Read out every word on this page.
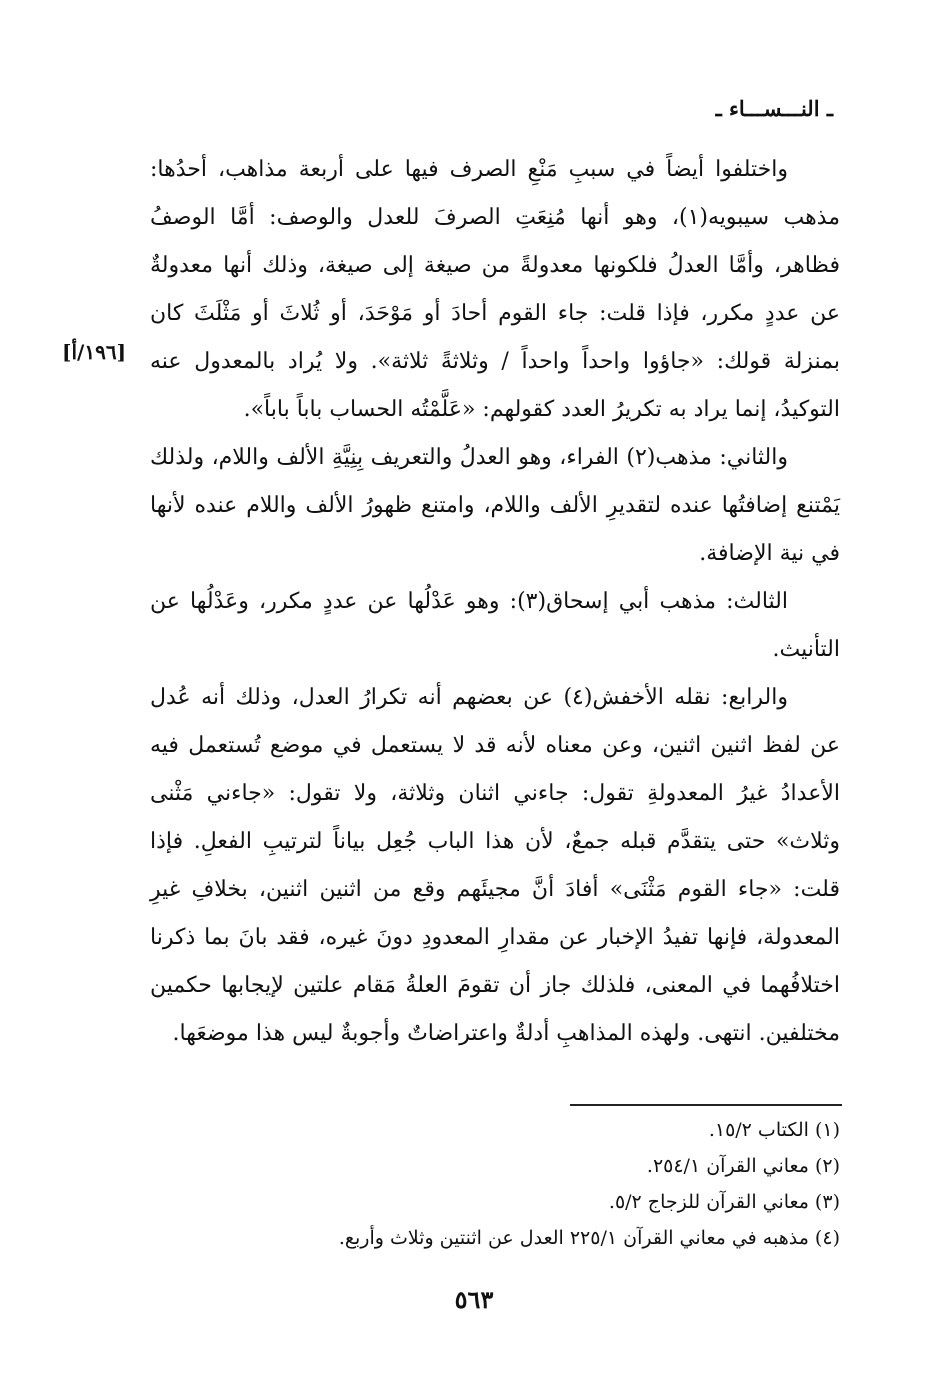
ـ النـــســـاء ـ
[١٩٦/أ]

واختلفوا أيضاً في سببِ مَنْعِ الصرف فيها على أربعة مذاهب، أحدُها: مذهب سيبويه(١)، وهو أنها مُنِعَتِ الصرفَ للعدل والوصف: أمَّا الوصفُ فظاهر، وأمَّا العدلُ فلكونها معدولةً من صيغة إلى صيغة، وذلك أنها معدولةٌ عن عددٍ مكرر، فإذا قلت: جاء القوم أحادَ أو مَوْحَدَ، أو ثُلاثَ أو مَثْلَثَ كان بمنزلة قولك: «جاؤوا واحداً واحداً / وثلاثةً ثلاثة». ولا يُراد بالمعدول عنه التوكيدُ، إنما يراد به تكريرُ العدد كقولهم: «عَلَّمْتُه الحساب باباً باباً».

والثاني: مذهب(٢) الفراء، وهو العدلُ والتعريف بِنِيَّةِ الألف واللام، ولذلك يَمْتنع إضافتُها عنده لتقديرِ الألف واللام، وامتنع ظهورُ الألف واللام عنده لأنها في نية الإضافة.

الثالث: مذهب أبي إسحاق(٣): وهو عَدْلُها عن عددٍ مكرر، وعَدْلُها عن التأنيث.

والرابع: نقله الأخفش(٤) عن بعضهم أنه تكرارُ العدل، وذلك أنه عُدل عن لفظ اثنين اثنين، وعن معناه لأنه قد لا يستعمل في موضع تُستعمل فيه الأعدادُ غيرُ المعدولةِ تقول: جاءني اثنان وثلاثة، ولا تقول: «جاءني مَثْنى وثلاث» حتى يتقدَّم قبله جمعٌ، لأن هذا الباب جُعِل بياناً لترتيبِ الفعلِ. فإذا قلت: «جاء القوم مَثْنَى» أفادَ أنَّ مجيئَهم وقع من اثنين اثنين، بخلافِ غيرِ المعدولة، فإنها تفيدُ الإخبار عن مقدارِ المعدودِ دونَ غيره، فقد بانَ بما ذكرنا اختلافُهما في المعنى، فلذلك جاز أن تقومَ العلةُ مَقام علتين لإيجابها حكمين مختلفين. انتهى. ولهذه المذاهبِ أدلةٌ واعتراضاتٌ وأجوبةٌ ليس هذا موضعَها.

(١) الكتاب ١٥/٢.
(٢) معاني القرآن ٢٥٤/١.
(٣) معاني القرآن للزجاج ٥/٢.
(٤) مذهبه في معاني القرآن ٢٢٥/١ العدل عن اثنتين وثلاث وأربع.
٥٦٣
